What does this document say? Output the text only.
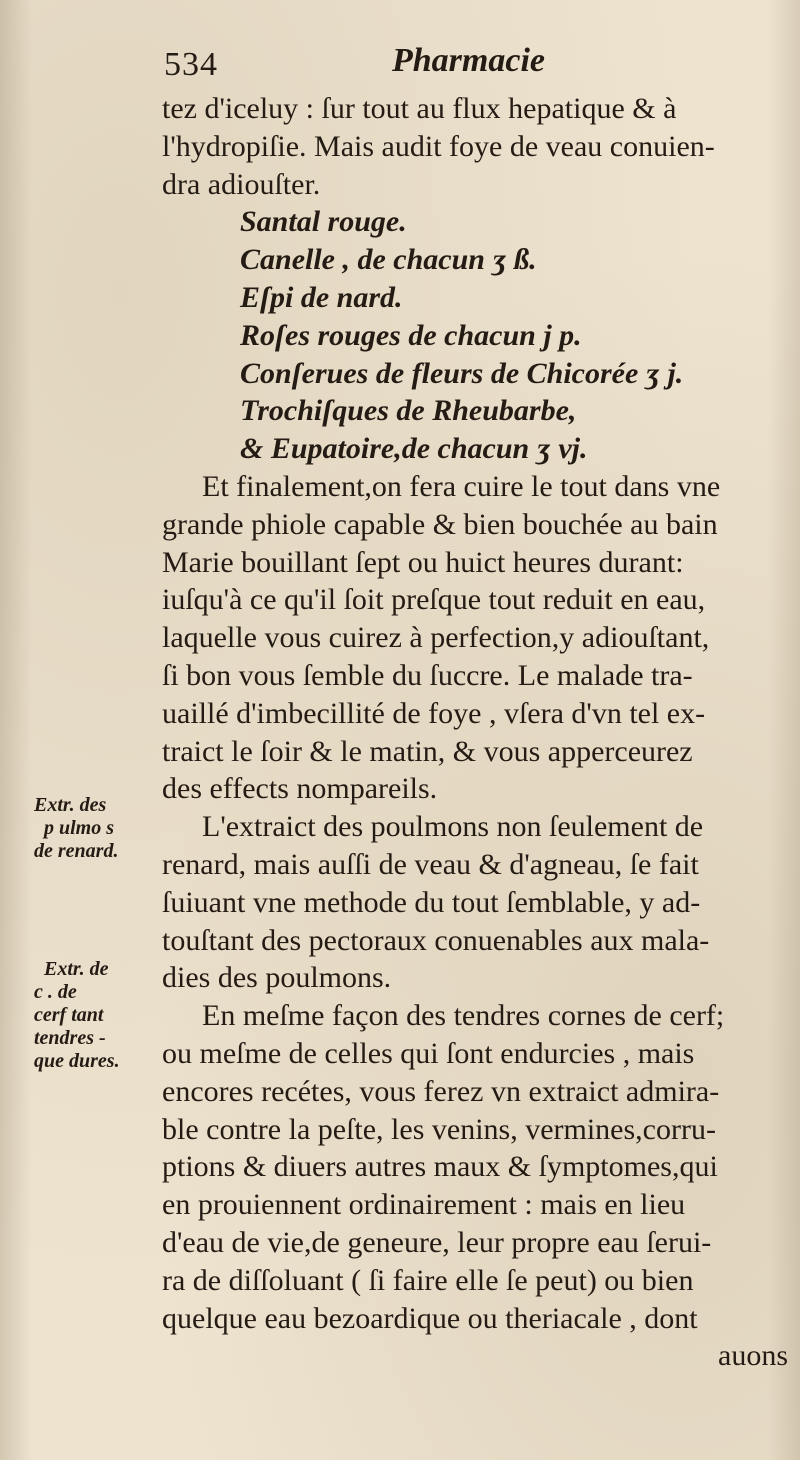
534	Pharmacie
Extr. des
p ulmo s
de renard.
Extr. de
c . de
cerf tant
tendres -
que dures.
tez d'iceluy : ſur tout au flux hepatique & à
l'hydropiſie. Mais audit foye de veau conuien-
dra adiouſter.
Santal rouge.
Canelle , de chacun ʒ ß.
Eſpi de nard.
Roſes rouges de chacun j p.
Conſerues de fleurs de Chicorée ʒ j.
Trochiſques de Rheubarbe,
& Eupatoire,de chacun ʒ vj.
Et finalement,on fera cuire le tout dans vne
grande phiole capable & bien bouchée au bain
Marie bouillant ſept ou huict heures durant:
iuſqu'à ce qu'il ſoit preſque tout reduit en eau,
laquelle vous cuirez à perfection,y adiouſtant,
ſi bon vous ſemble du ſuccre. Le malade tra-
uaillé d'imbecillité de foye , vſera d'vn tel ex-
traict le ſoir & le matin, & vous apperceurez
des effects nompareils.
L'extraict des poulmons non ſeulement de
renard, mais auſſi de veau & d'agneau, ſe fait
ſuiuant vne methode du tout ſemblable, y ad-
touſtant des pectoraux conuenables aux mala-
dies des poulmons.
En meſme façon des tendres cornes de cerf;
ou meſme de celles qui ſont endurcies , mais
encores recétes, vous ferez vn extraict admira-
ble contre la peſte, les venins, vermines,corru-
ptions & diuers autres maux & ſymptomes,qui
en prouiennent ordinairement : mais en lieu
d'eau de vie,de geneure, leur propre eau ſerui-
ra de diſſoluant ( ſi faire elle ſe peut) ou bien
quelque eau bezoardique ou theriacale , dont
auons
